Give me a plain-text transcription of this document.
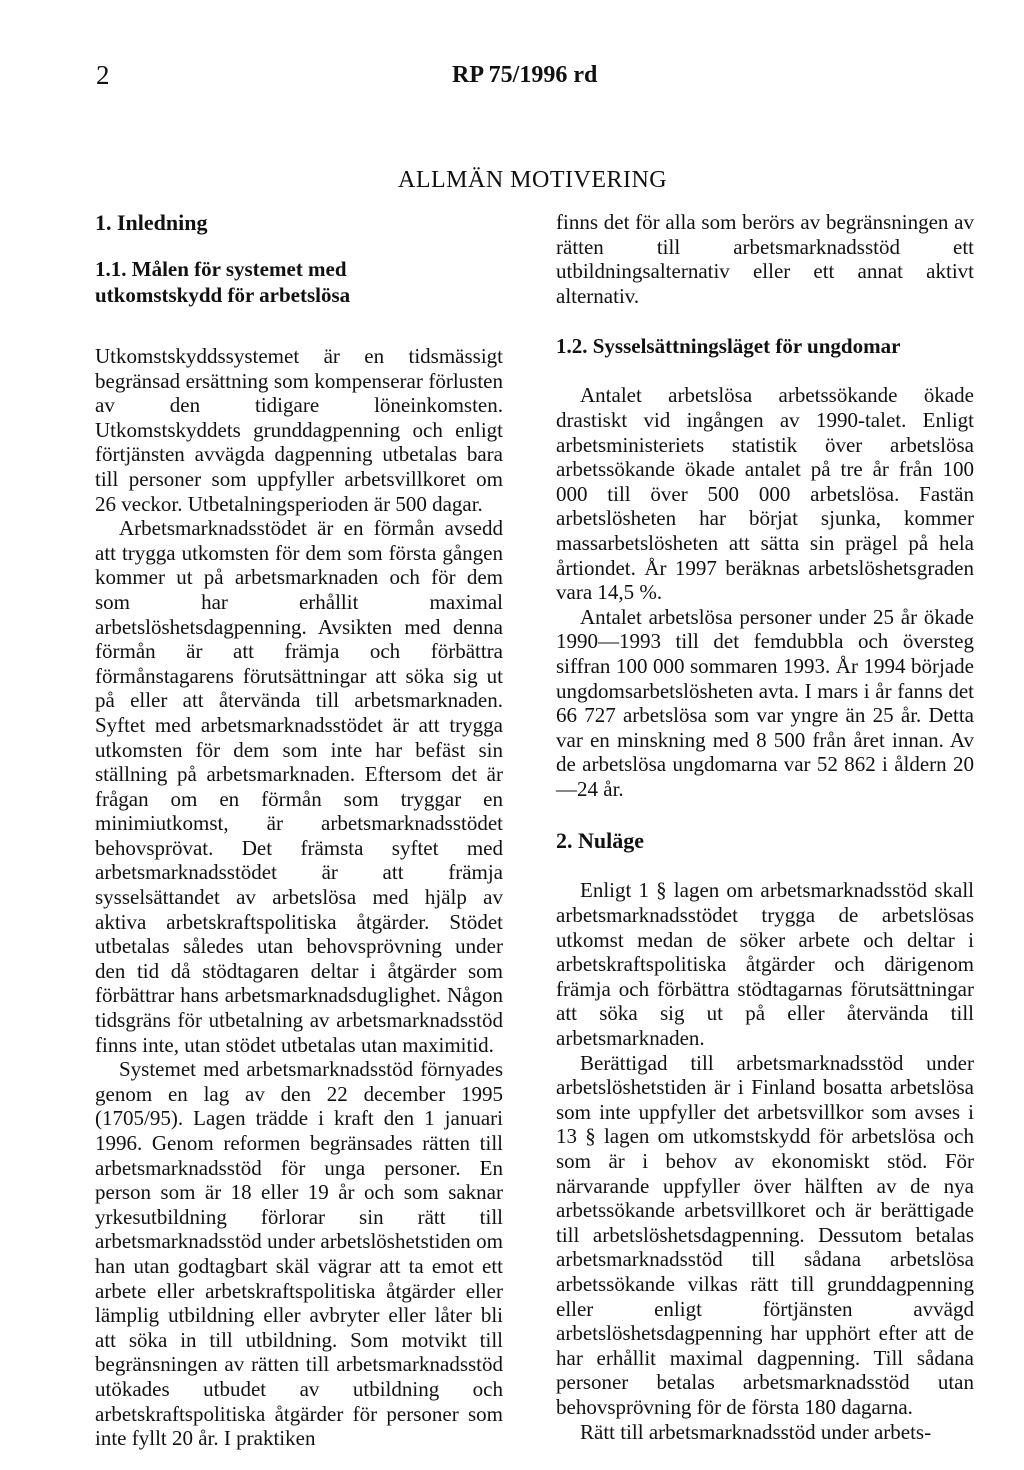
2	RP 75/1996 rd
ALLMÄN MOTIVERING
1. Inledning
1.1. Målen för systemet med utkomstskydd för arbetslösa

Utkomstskyddssystemet är en tidsmässigt begränsad ersättning som kompenserar förlusten av den tidigare löneinkomsten. Utkomstskyddets grunddagpenning och enligt förtjänsten avvägda dagpenning utbetalas bara till personer som uppfyller arbetsvillkoret om 26 veckor. Utbetalningsperioden är 500 dagar.

Arbetsmarknadsstödet är en förmån avsedd att trygga utkomsten för dem som första gången kommer ut på arbetsmarknaden och för dem som har erhållit maximal arbetslöshetsdagpenning. Avsikten med denna förmån är att främja och förbättra förmånstagarens förutsättningar att söka sig ut på eller att återvända till arbetsmarknaden. Syftet med arbetsmarknadsstödet är att trygga utkomsten för dem som inte har befäst sin ställning på arbetsmarknaden. Eftersom det är frågan om en förmån som tryggar en minimiutkomst, är arbetsmarknadsstödet behovsprövat. Det främsta syftet med arbetsmarknadsstödet är att främja sysselsättandet av arbetslösa med hjälp av aktiva arbetskraftspolitiska åtgärder. Stödet utbetalas således utan behovsprövning under den tid då stödtagaren deltar i åtgärder som förbättrar hans arbetsmarknadsduglighet. Någon tidsgräns för utbetalning av arbetsmarknadsstöd finns inte, utan stödet utbetalas utan maximitid.

Systemet med arbetsmarknadsstöd förnyades genom en lag av den 22 december 1995 (1705/95). Lagen trädde i kraft den 1 januari 1996. Genom reformen begränsades rätten till arbetsmarknadsstöd för unga personer. En person som är 18 eller 19 år och som saknar yrkesutbildning förlorar sin rätt till arbetsmarknadsstöd under arbetslöshetstiden om han utan godtagbart skäl vägrar att ta emot ett arbete eller arbetskraftspolitiska åtgärder eller lämplig utbildning eller avbryter eller låter bli att söka in till utbildning. Som motvikt till begränsningen av rätten till arbetsmarknadsstöd utökades utbudet av utbildning och arbetskraftspolitiska åtgärder för personer som inte fyllt 20 år. I praktiken

finns det för alla som berörs av begränsningen av rätten till arbetsmarknadsstöd ett utbildningsalternativ eller ett annat aktivt alternativ.

1.2. Sysselsättningsläget för ungdomar

Antalet arbetslösa arbetssökande ökade drastiskt vid ingången av 1990-talet. Enligt arbetsministeriets statistik över arbetslösa arbetssökande ökade antalet på tre år från 100 000 till över 500 000 arbetslösa. Fastän arbetslösheten har börjat sjunka, kommer massarbetslösheten att sätta sin prägel på hela årtiondet. År 1997 beräknas arbetslöshetsgraden vara 14,5 %.

Antalet arbetslösa personer under 25 år ökade 1990—1993 till det femdubbla och översteg siffran 100 000 sommaren 1993. År 1994 började ungdomsarbetslösheten avta. I mars i år fanns det 66 727 arbetslösa som var yngre än 25 år. Detta var en minskning med 8 500 från året innan. Av de arbetslösa ungdomarna var 52 862 i åldern 20—24 år.

2. Nuläge

Enligt 1 § lagen om arbetsmarknadsstöd skall arbetsmarknadsstödet trygga de arbetslösas utkomst medan de söker arbete och deltar i arbetskraftspolitiska åtgärder och därigenom främja och förbättra stödtagarnas förutsättningar att söka sig ut på eller återvända till arbetsmarknaden.

Berättigad till arbetsmarknadsstöd under arbetslöshetstiden är i Finland bosatta arbetslösa som inte uppfyller det arbetsvillkor som avses i 13 § lagen om utkomstskydd för arbetslösa och som är i behov av ekonomiskt stöd. För närvarande uppfyller över hälften av de nya arbetssökande arbetsvillkoret och är berättigade till arbetslöshetsdagpenning. Dessutom betalas arbetsmarknadsstöd till sådana arbetslösa arbetssökande vilkas rätt till grunddagpenning eller enligt förtjänsten avvägd arbetslöshetsdagpenning har upphört efter att de har erhållit maximal dagpenning. Till sådana personer betalas arbetsmarknadsstöd utan behovsprövning för de första 180 dagarna.

Rätt till arbetsmarknadsstöd under arbets-
